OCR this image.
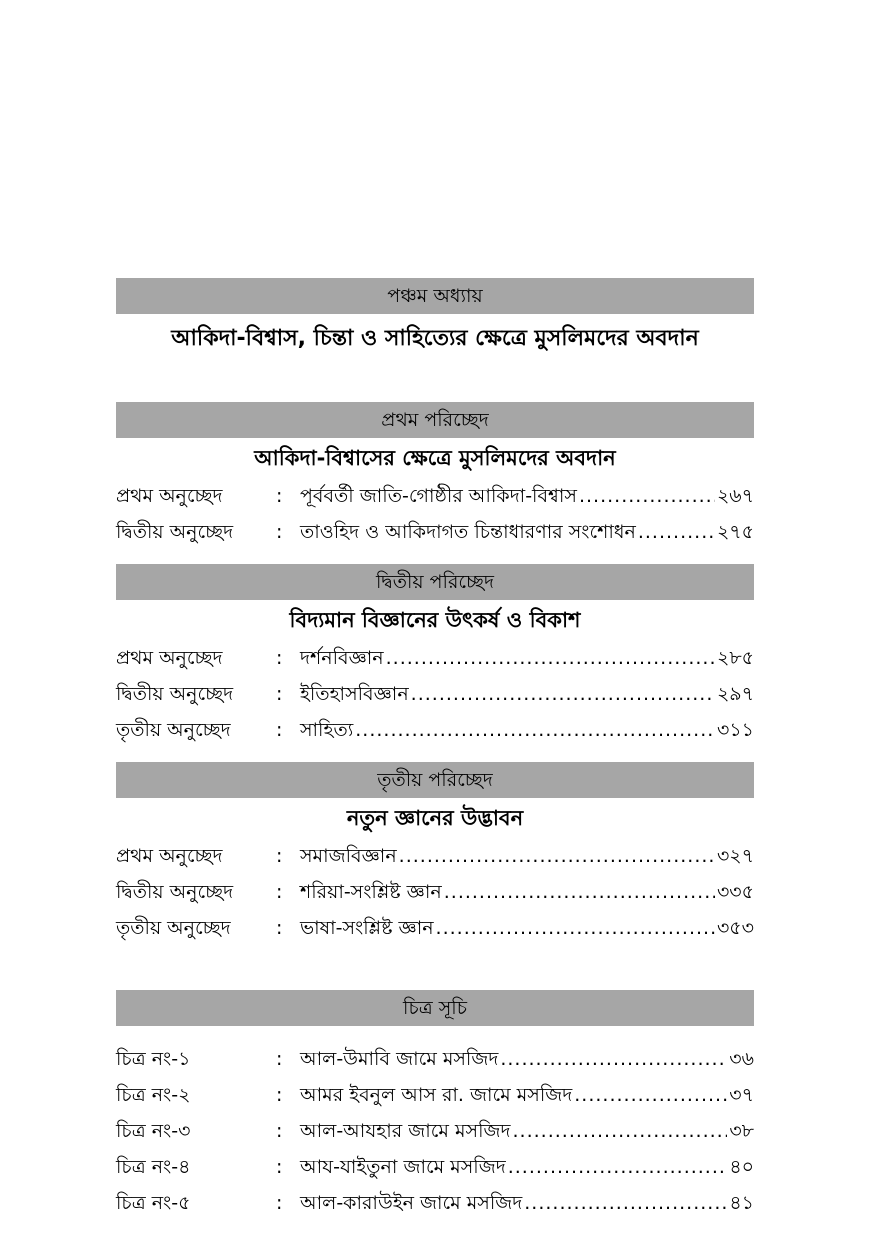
পঞ্চম অধ্যায়
আকিদা-বিশ্বাস, চিন্তা ও সাহিত্যের ক্ষেত্রে মুসলিমদের অবদান
প্রথম পরিচ্ছেদ
আকিদা-বিশ্বাসের ক্ষেত্রে মুসলিমদের অবদান
প্রথম অনুচ্ছেদ	: পূর্ববর্তী জাতি-গোষ্ঠীর আকিদা-বিশ্বাস .....	২৬৭
দ্বিতীয় অনুচ্ছেদ	: তাওহিদ ও আকিদাগত চিন্তাধারণার সংশোধন .....	২৭৫
দ্বিতীয় পরিচ্ছেদ
বিদ্যমান বিজ্ঞানের উৎকর্ষ ও বিকাশ
প্রথম অনুচ্ছেদ	: দর্শনবিজ্ঞান .....	২৮৫
দ্বিতীয় অনুচ্ছেদ	: ইতিহাসবিজ্ঞান .....	২৯৭
তৃতীয় অনুচ্ছেদ	: সাহিত্য .....	৩১১
তৃতীয় পরিচ্ছেদ
নতুন জ্ঞানের উদ্ভাবন
প্রথম অনুচ্ছেদ	: সমাজবিজ্ঞান .....	৩২৭
দ্বিতীয় অনুচ্ছেদ	: শরিয়া-সংশ্লিষ্ট জ্ঞান .....	৩৩৫
তৃতীয় অনুচ্ছেদ	: ভাষা-সংশ্লিষ্ট জ্ঞান .....	৩৫৩
চিত্র সূচি
চিত্র নং-১	: আল-উমাবি জামে মসজিদ .....	৩৬
চিত্র নং-২	: আমর ইবনুল আস রা. জামে মসজিদ .....	৩৭
চিত্র নং-৩	: আল-আযহার জামে মসজিদ .....	৩৮
চিত্র নং-৪	: আয-যাইতুনা জামে মসজিদ .....	৪০
চিত্র নং-৫	: আল-কারাউইন জামে মসজিদ .....	৪১
